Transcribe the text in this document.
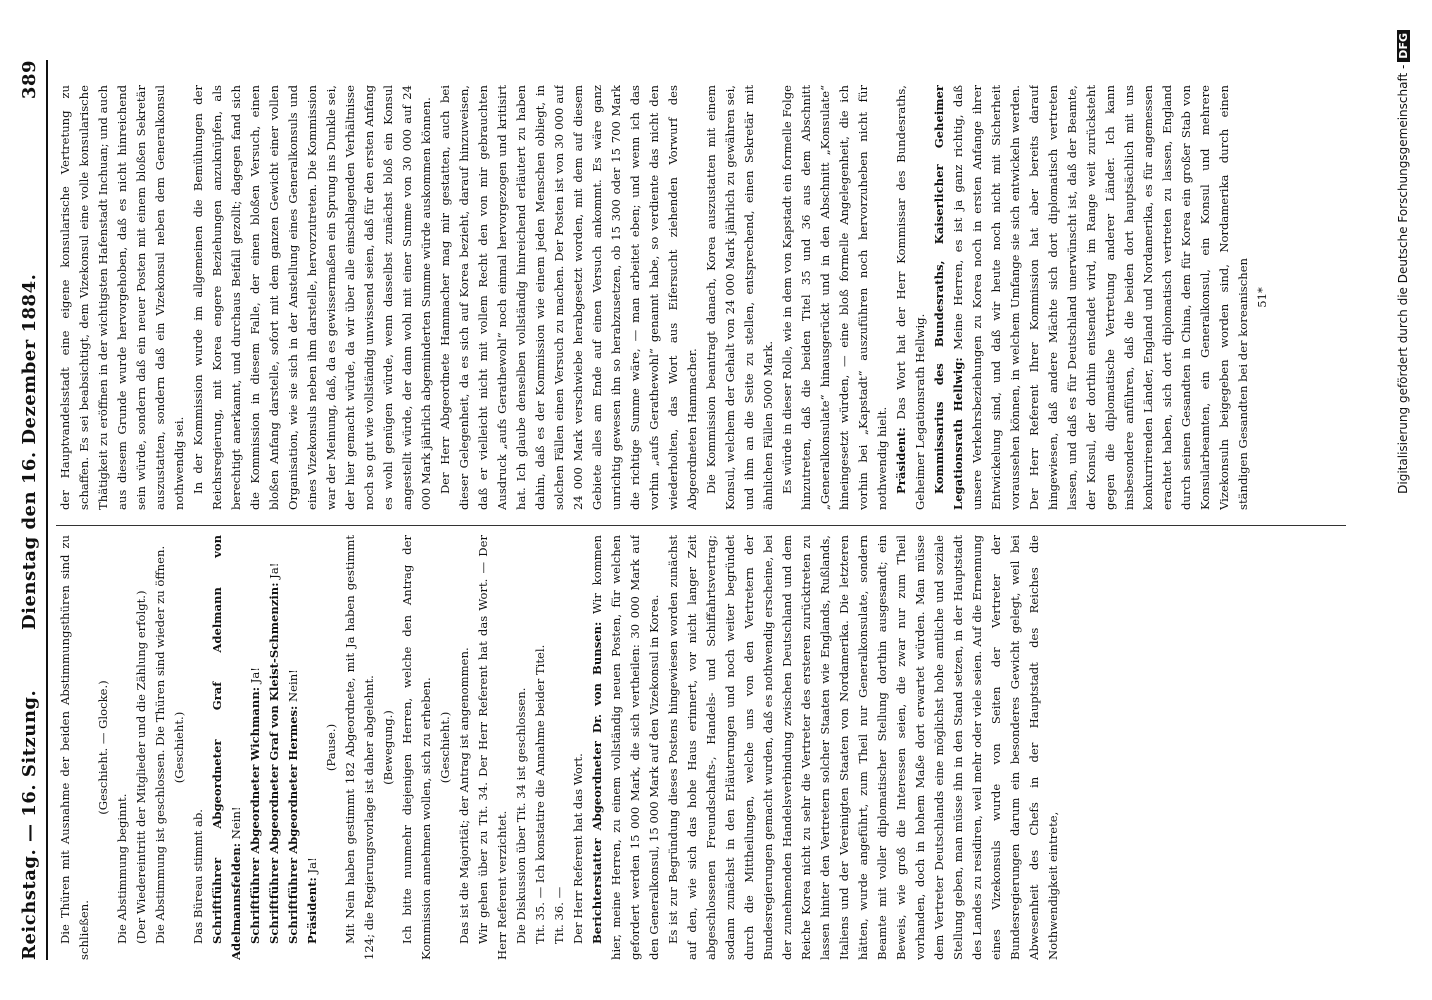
Reichstag. — 16. Sitzung.
Dienstag den 16. Dezember 1884.
389

Die Thüren mit Ausnahme der beiden Abstimmungsthüren sind zu schließen.

(Geschieht. — Glocke.)

Die Abstimmung beginnt. (Der Wiedereintritt der Mitglieder und die Zählung erfolgt.) Die Abstimmung ist geschlossen. Die Thüren sind wieder zu öffnen. (Geschieht.)

Das Büreau stimmt ab. Schriftführer Abgeordneter Graf Adelmann von Adelmannsfelden: Nein! Schriftführer Abgeordneter Wichmann: Ja! Schriftführer Abgeordneter Graf von Kleist-Schmenzin: Ja!

Schriftführer Abgeordneter Hermes: Nein!

Präsident: Ja!

(Pause.) Mit Nein haben gestimmt 182 Abgeordnete, mit Ja haben gestimmt 124; die Regierungsvorlage ist daher abgelehnt. (Bewegung.) Ich bitte nunmehr diejenigen Herren, welche den Antrag der Kommission annehmen wollen, sich zu erheben. (Geschieht.) Das ist die Majorität; der Antrag ist angenommen. Wir gehen über zu Tit. 34. Der Herr Referent hat das Wort. — Der Herr Referent verzichtet. Die Diskussion über Tit. 34 ist geschlossen. Tit. 35. — Ich konstatire die Annahme beider Titel. Tit. 36. — Der Herr Referent hat das Wort. Berichterstatter Abgeordneter Dr. von Bunsen: Wir kommen hier, meine Herren, zu einem vollständig neuen Posten, für welchen gefordert werden 15 000 Mark, die sich vertheilen: 30 000 Mark auf den Generalkonsul, 15 000 Mark auf den Vizekonsul in Korea. Es ist zur Begründung dieses Postens hingewiesen worden zunächst auf den, wie sich das hohe Haus erinnert, vor nicht langer Zeit abgeschlossenen Freundschafts-, Handels- und Schiffahrtsvertrag; sodann zunächst in den Erläuterungen und noch weiter begründet durch die Mittheilungen, welche uns von den Vertretern der Bundesregierungen gemacht wurden, daß es nothwendig erscheine, bei der zunehmenden Handelsverbindung zwischen Deutschland und dem Reiche Korea nicht zu sehr die Vertreter des ersteren zurücktreten zu lassen hinter den Vertretern solcher Staaten wie Englands, Rußlands, Italiens und der Vereinigten Staaten von Nordamerika. Die letzteren hätten, wurde angeführt, zum Theil nur Generalkonsulate, sondern Beamte mit voller diplomatischer Stellung dorthin ausgesandt; ein Beweis, wie groß die Interessen seien, die zwar nur zum Theil vorhanden, doch in hohem Maße dort erwartet würden. Man müsse dem Vertreter Deutschlands eine möglichst hohe amtliche und soziale Stellung geben, man müsse ihn in den Stand setzen, in der Hauptstadt des Landes zu residiren, weil mehr oder viele seien. Auf die Ernennung eines Vizekonsuls wurde von Seiten der Vertreter der Bundesregierungen darum ein besonderes Gewicht gelegt, weil bei Abwesenheit des Chefs in der Hauptstadt des Reiches die Nothwendigkeit eintrete,

der Hauptvandelsstadt eine eigene konsularische Vertretung zu schaffen. Es sei beabsichtigt, dem Vizekonsul eine volle konsularische Thätigkeit zu eröffnen in der wichtigsten Hafenstadt Inchuan; und auch aus diesem Grunde wurde hervorgehoben, daß es nicht hinreichend sein würde, sondern daß ein neuer Posten mit einem bloßen Sekretär auszustatten, sondern daß ein Vizekonsul neben dem Generalkonsul nothwendig sei. In der Kommission wurde im allgemeinen die Bemühungen der Reichsregierung, mit Korea engere Beziehungen anzuknüpfen, als berechtigt anerkannt, und durchaus Beifall gezollt; dagegen fand sich die Kommission in diesem Falle, der einen bloßen Versuch, einen bloßen Anfang darstelle, sofort mit dem ganzen Gewicht einer vollen Organisation, wie sie sich in der Anstellung eines Generalkonsuls und eines Vizekonsuls neben ihm darstelle, hervorzutreten. Die Kommission war der Meinung, daß, da es gewissermaßen ein Sprung ins Dunkle sei, der hier gemacht würde, da wir über alle einschlagenden Verhältnisse noch so gut wie vollständig unwissend seien, daß für den ersten Anfang es wohl genügen würde, wenn dasselbst zunächst bloß ein Konsul angestellt würde, der dann wohl mit einer Summe von 30 000 auf 24 000 Mark jährlich abgeminderten Summe würde auskommen können. Der Herr Abgeordnete Hammacher mag mir gestatten, auch bei dieser Gelegenheit, da es sich auf Korea bezieht, darauf hinzuweisen, daß er vielleicht nicht mit vollem Recht den von mir gebrauchten Ausdruck „aufs Gerathewohl“ noch einmal hervorgezogen und kritisirt hat. Ich glaube denselben vollständig hinreichend erläutert zu haben dahin, daß es der Kommission wie einem jeden Menschen obliegt, in solchen Fällen einen Versuch zu machen. Der Posten ist von 30 000 auf 24 000 Mark verschwiebe herabgesetzt worden, mit dem auf diesem Gebiete alles am Ende auf einen Versuch ankommt. Es wäre ganz unrichtig gewesen ihn so herabzusetzen, ob 15 300 oder 15 700 Mark die richtige Summe wäre, — man arbeitet eben; und wenn ich das vorhin „aufs Gerathewohl“ genannt habe, so verdiente das nicht den wiederholten, das Wort aus Eifersucht ziehenden Vorwurf des Abgeordneten Hammacher. Die Kommission beantragt danach, Korea auszustatten mit einem Konsul, welchem der Gehalt von 24 000 Mark jährlich zu gewähren sei, und ihm an die Seite zu stellen, entsprechend, einen Sekretär mit ähnlichen Fällen 5000 Mark. Es würde in dieser Rolle, wie in dem von Kapstadt ein formelle Folge hinzutreten, daß die beiden Titel 35 und 36 aus dem Abschnitt „Generalkonsulate“ hinausgerückt und in den Abschnitt „Konsulate“ hineingesetzt würden, — eine bloß formelle Angelegenheit, die ich vorhin bei „Kapstadt“ auszuführen noch hervorzuheben nicht für nothwendig hielt. Präsident: Das Wort hat der Herr Kommissar des Bundesraths, Geheimer Legationsrath Hellwig. Kommissarius des Bundesraths, Kaiserlicher Geheimer Legationsrath Hellwig: Meine Herren, es ist ja ganz richtig, daß unsere Verkehrsbeziehungen zu Korea noch in ersten Anfange ihrer Entwickelung sind, und daß wir heute noch nicht mit Sicherheit voraussehen können, in welchem Umfange sie sich entwickeln werden. Der Herr Referent Ihrer Kommission hat aber bereits darauf hingewiesen, daß andere Mächte sich dort diplomatisch vertreten lassen, und daß es für Deutschland unerwünscht ist, daß der Beamte, der Konsul, der dorthin entsendet wird, im Range weit zurücksteht gegen die diplomatische Vertretung anderer Länder. Ich kann insbesondere anführen, daß die beiden dort hauptsächlich mit uns konkurrirenden Länder, England und Nordamerika, es für angemessen erachtet haben, sich dort diplomatisch vertreten zu lassen, England durch seinen Gesandten in China, dem für Korea ein großer Stab von Konsularbeamten, ein Generalkonsul, ein Konsul und mehrere Vizekonsuln beigegeben worden sind, Nordamerika durch einen ständigen Gesandten bei der koreanischen 51*	Digitalisierung gefördert durch die Deutsche Forschungsgemeinschaft -DFG
